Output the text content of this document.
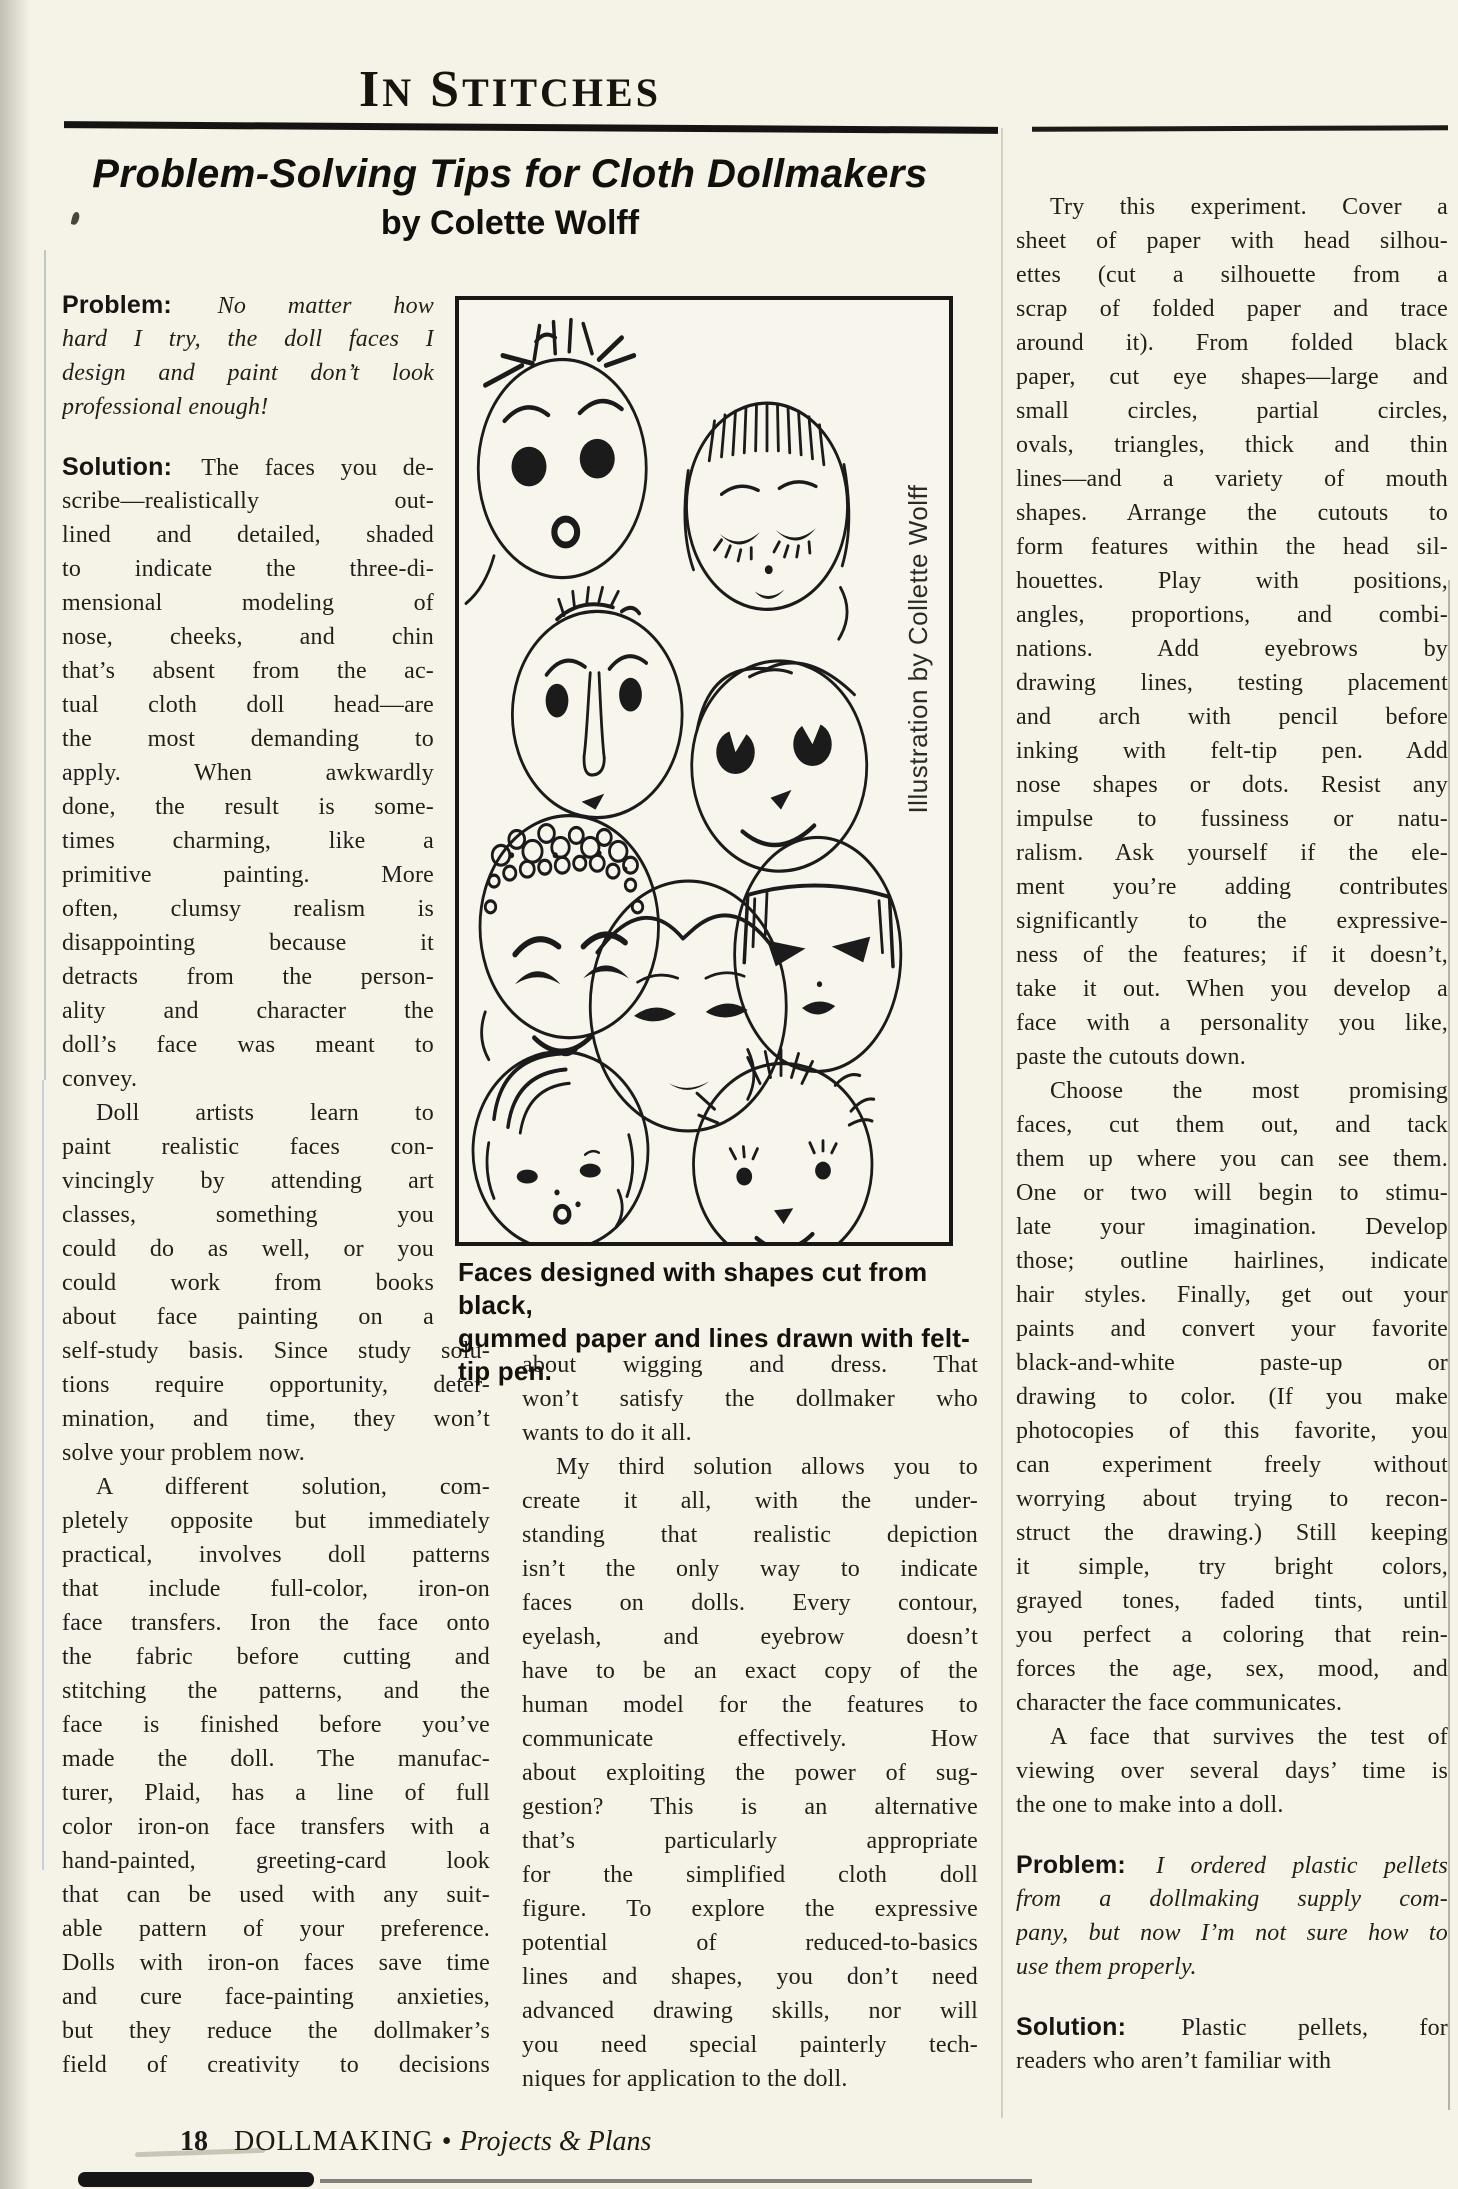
IN STITCHES
Problem-Solving Tips for Cloth Dollmakers
by Colette Wolff
Problem: No matter how
hard I try, the doll faces I
design and paint don’t look
professional enough!
Solution: The faces you de-
scribe—realistically out-
lined and detailed, shaded
to indicate the three-di-
mensional modeling of
nose, cheeks, and chin
that’s absent from the ac-
tual cloth doll head—are
the most demanding to
apply. When awkwardly
done, the result is some-
times charming, like a
primitive painting. More
often, clumsy realism is
disappointing because it
detracts from the person-
ality and character the
doll’s face was meant to
convey.
Doll artists learn to
paint realistic faces con-
vincingly by attending art
classes, something you
could do as well, or you
could work from books
about face painting on a
self-study basis. Since study solu-
tions require opportunity, deter-
mination, and time, they won’t
solve your problem now.
A different solution, com-
pletely opposite but immediately
practical, involves doll patterns
that include full-color, iron-on
face transfers. Iron the face onto
the fabric before cutting and
stitching the patterns, and the
face is finished before you’ve
made the doll. The manufac-
turer, Plaid, has a line of full
color iron-on face transfers with a
hand-painted, greeting-card look
that can be used with any suit-
able pattern of your preference.
Dolls with iron-on faces save time
and cure face-painting anxieties,
but they reduce the dollmaker’s
field of creativity to decisions
about wigging and dress. That
won’t satisfy the dollmaker who
wants to do it all.
My third solution allows you to
create it all, with the under-
standing that realistic depiction
isn’t the only way to indicate
faces on dolls. Every contour,
eyelash, and eyebrow doesn’t
have to be an exact copy of the
human model for the features to
communicate effectively. How
about exploiting the power of sug-
gestion? This is an alternative
that’s particularly appropriate
for the simplified cloth doll
figure. To explore the expressive
potential of reduced-to-basics
lines and shapes, you don’t need
advanced drawing skills, nor will
you need special painterly tech-
niques for application to the doll.
Try this experiment. Cover a
sheet of paper with head silhou-
ettes (cut a silhouette from a
scrap of folded paper and trace
around it). From folded black
paper, cut eye shapes—large and
small circles, partial circles,
ovals, triangles, thick and thin
lines—and a variety of mouth
shapes. Arrange the cutouts to
form features within the head sil-
houettes. Play with positions,
angles, proportions, and combi-
nations. Add eyebrows by
drawing lines, testing placement
and arch with pencil before
inking with felt-tip pen. Add
nose shapes or dots. Resist any
impulse to fussiness or natu-
ralism. Ask yourself if the ele-
ment you’re adding contributes
significantly to the expressive-
ness of the features; if it doesn’t,
take it out. When you develop a
face with a personality you like,
paste the cutouts down.
Choose the most promising
faces, cut them out, and tack
them up where you can see them.
One or two will begin to stimu-
late your imagination. Develop
those; outline hairlines, indicate
hair styles. Finally, get out your
paints and convert your favorite
black-and-white paste-up or
drawing to color. (If you make
photocopies of this favorite, you
can experiment freely without
worrying about trying to recon-
struct the drawing.) Still keeping
it simple, try bright colors,
grayed tones, faded tints, until
you perfect a coloring that rein-
forces the age, sex, mood, and
character the face communicates.
A face that survives the test of
viewing over several days’ time is
the one to make into a doll.
Problem: I ordered plastic pellets
from a dollmaking supply com-
pany, but now I’m not sure how to
use them properly.
Solution: Plastic pellets, for
readers who aren’t familiar with
Illustration by Collette Wolff
Faces designed with shapes cut from black,
gummed paper and lines drawn with felt-tip pen.
18 DOLLMAKING • Projects & Plans
